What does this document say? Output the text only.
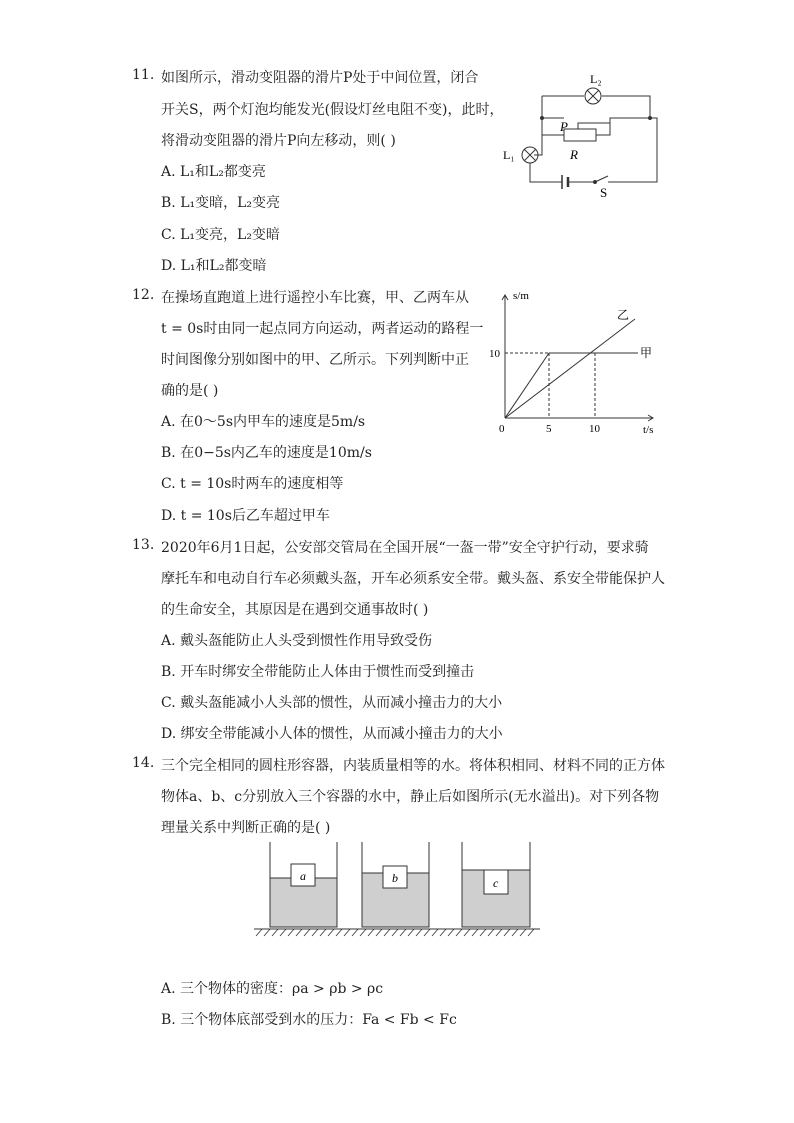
11. 如图所示，滑动变阻器的滑片P处于中间位置，闭合
开关S，两个灯泡均能发光(假设灯丝电阻不变)，此时，
将滑动变阻器的滑片P向左移动，则( )
A. L₁和L₂都变亮
B. L₁变暗，L₂变亮
C. L₁变亮，L₂变暗
D. L₁和L₂都变暗
L₂
L₁
P
R
S
12. 在操场直跑道上进行遥控小车比赛，甲、乙两车从
t = 0s时由同一起点同方向运动，两者运动的路程一
时间图像分别如图中的甲、乙所示。下列判断中正
确的是( )
A. 在0～5s内甲车的速度是5m/s
B. 在0−5s内乙车的速度是10m/s
C. t = 10s时两车的速度相等
D. t = 10s后乙车超过甲车
s/m
t/s
0	5	10
10	甲
乙
13. 2020年6月1日起，公安部交管局在全国开展“一盔一带”安全守护行动，要求骑
摩托车和电动自行车必须戴头盔，开车必须系安全带。戴头盔、系安全带能保护人
的生命安全，其原因是在遇到交通事故时( )
A. 戴头盔能防止人头受到惯性作用导致受伤
B. 开车时绑安全带能防止人体由于惯性而受到撞击
C. 戴头盔能减小人头部的惯性，从而减小撞击力的大小
D. 绑安全带能减小人体的惯性，从而减小撞击力的大小
14. 三个完全相同的圆柱形容器，内装质量相等的水。将体积相同、材料不同的正方体
物体a、b、c分别放入三个容器的水中，静止后如图所示(无水溢出)。对下列各物
理量关系中判断正确的是( )
a	b	c
A. 三个物体的密度：ρa > ρb > ρc
B. 三个物体底部受到水的压力：Fa < Fb < Fc
